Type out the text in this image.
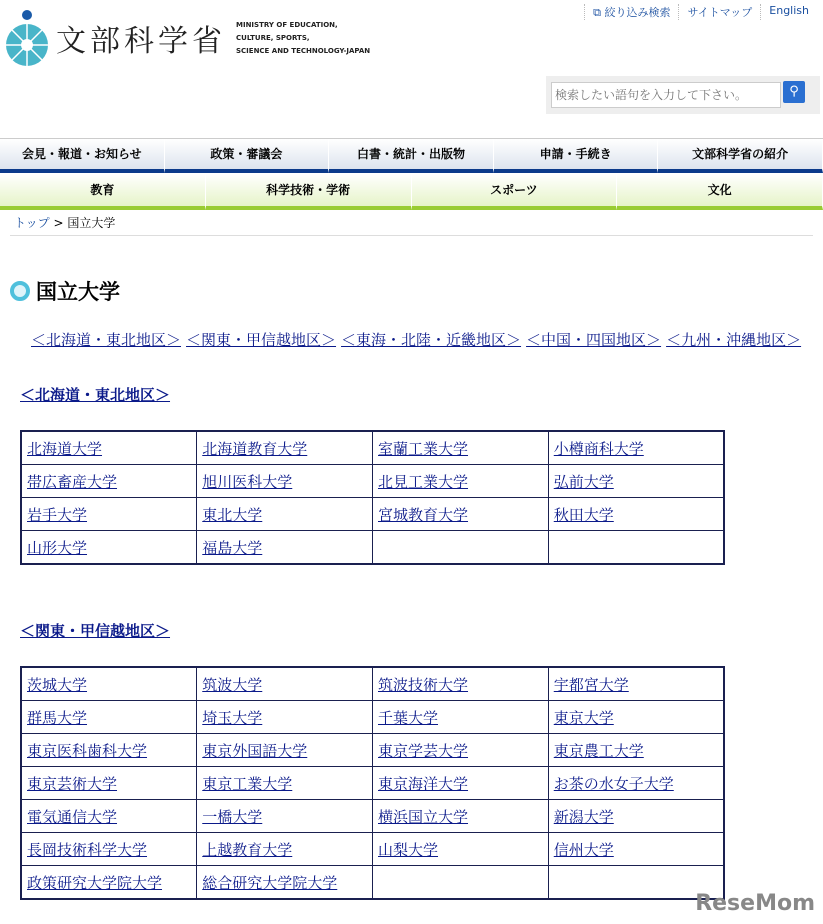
文部科学省 MINISTRY OF EDUCATION,
CULTURE, SPORTS,
SCIENCE AND TECHNOLOGY-JAPAN
⧉ 絞り込み検索	サイトマップ	English
検索したい語句を入力して下さい。
⚲
会見・報道・お知らせ	政策・審議会	白書・統計・出版物	申請・手続き	文部科学省の紹介
教育	科学技術・学術	スポーツ	文化
トップ > 国立大学
国立大学
＜北海道・東北地区＞ ＜関東・甲信越地区＞ ＜東海・北陸・近畿地区＞ ＜中国・四国地区＞ ＜九州・沖縄地区＞
＜北海道・東北地区＞
北海道大学	北海道教育大学	室蘭工業大学	小樽商科大学
帯広畜産大学	旭川医科大学	北見工業大学	弘前大学
岩手大学	東北大学	宮城教育大学	秋田大学
山形大学	福島大学		
＜関東・甲信越地区＞
茨城大学	筑波大学	筑波技術大学	宇都宮大学
群馬大学	埼玉大学	千葉大学	東京大学
東京医科歯科大学	東京外国語大学	東京学芸大学	東京農工大学
東京芸術大学	東京工業大学	東京海洋大学	お茶の水女子大学
電気通信大学	一橋大学	横浜国立大学	新潟大学
長岡技術科学大学	上越教育大学	山梨大学	信州大学
政策研究大学院大学	総合研究大学院大学		
ReseMom
